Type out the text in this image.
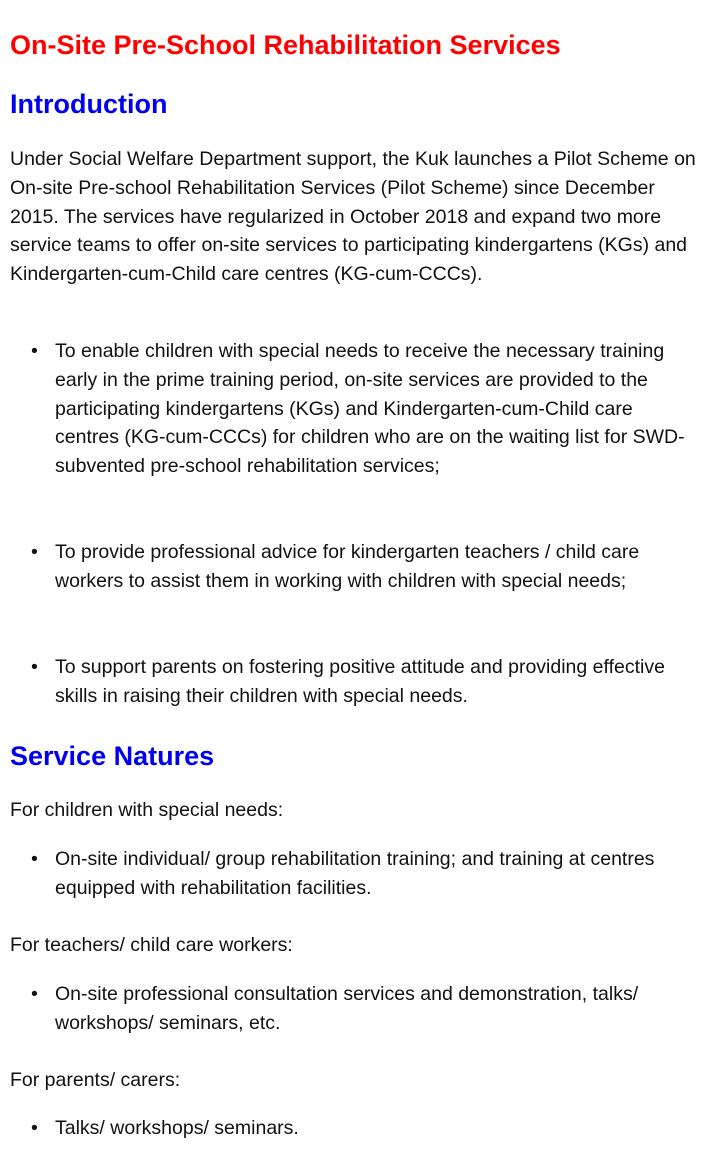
On-Site Pre-School Rehabilitation Services
Introduction

Under Social Welfare Department support, the Kuk launches a Pilot Scheme on On-site Pre-school Rehabilitation Services (Pilot Scheme) since December 2015. The services have regularized in October 2018 and expand two more service teams to offer on-site services to participating kindergartens (KGs) and Kindergarten-cum-Child care centres (KG-cum-CCCs).

• To enable children with special needs to receive the necessary training early in the prime training period, on-site services are provided to the participating kindergartens (KGs) and Kindergarten-cum-Child care centres (KG-cum-CCCs) for children who are on the waiting list for SWD-subvented pre-school rehabilitation services;
• To provide professional advice for kindergarten teachers / child care workers to assist them in working with children with special needs;
• To support parents on fostering positive attitude and providing effective skills in raising their children with special needs.
Service Natures

For children with special needs:

• On-site individual/ group rehabilitation training; and training at centres equipped with rehabilitation facilities.

For teachers/ child care workers:

• On-site professional consultation services and demonstration, talks/ workshops/ seminars, etc.

For parents/ carers:

• Talks/ workshops/ seminars.
